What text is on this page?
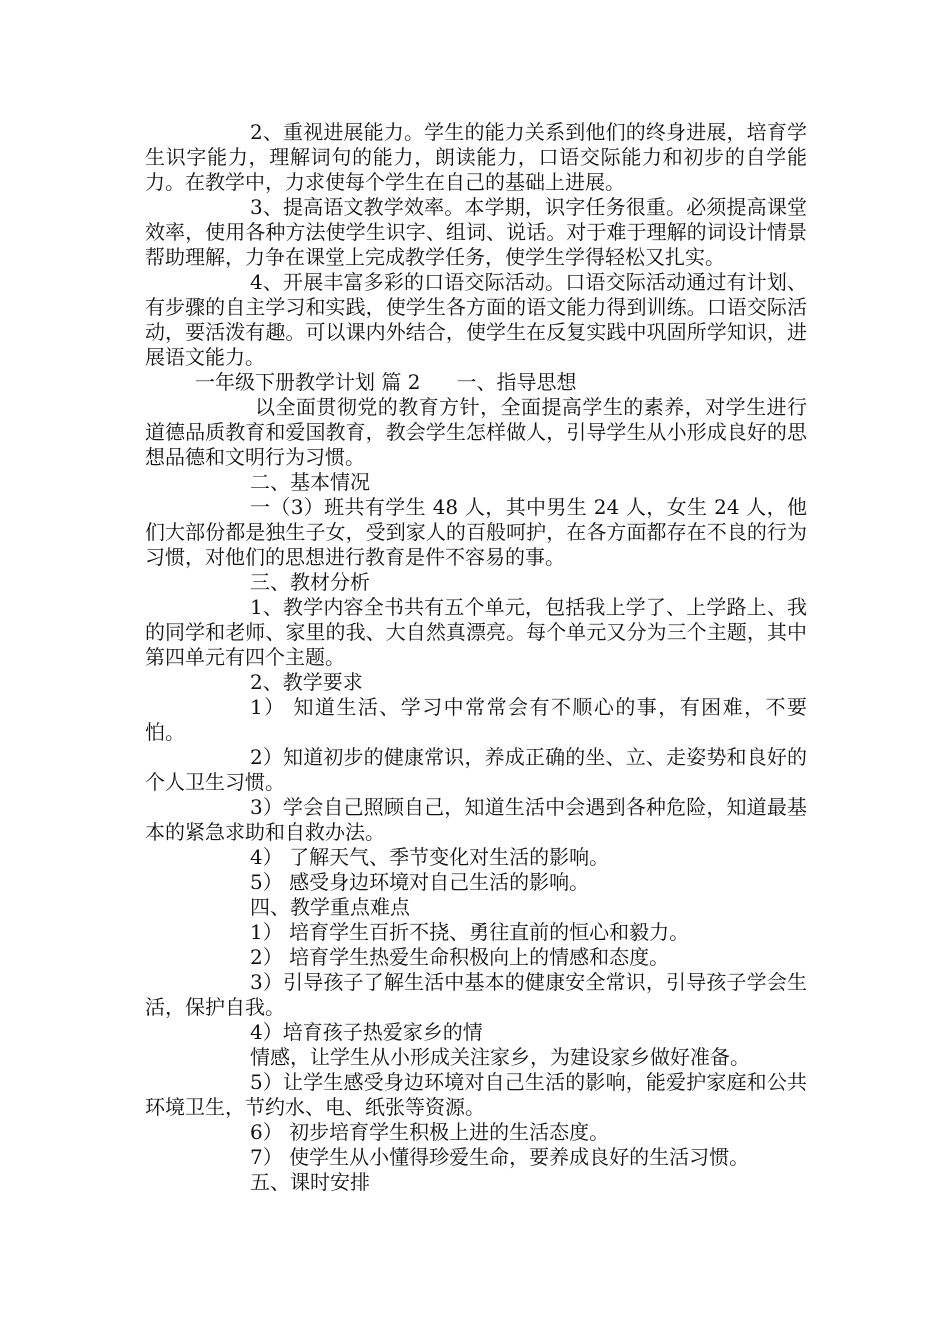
2、重视进展能力。学生的能力关系到他们的终身进展，培育学生识字能力，理解词句的能力，朗读能力，口语交际能力和初步的自学能力。在教学中，力求使每个学生在自己的基础上进展。

3、提高语文教学效率。本学期，识字任务很重。必须提高课堂效率，使用各种方法使学生识字、组词、说话。对于难于理解的词设计情景帮助理解，力争在课堂上完成教学任务，使学生学得轻松又扎实。

4、开展丰富多彩的口语交际活动。口语交际活动通过有计划、有步骤的自主学习和实践，使学生各方面的语文能力得到训练。口语交际活动，要活泼有趣。可以课内外结合，使学生在反复实践中巩固所学知识，进展语文能力。

一年级下册教学计划 篇 2 一、指导思想

以全面贯彻党的教育方针，全面提高学生的素养，对学生进行道德品质教育和爱国教育，教会学生怎样做人，引导学生从小形成良好的思想品德和文明行为习惯。

二、基本情况

一（3）班共有学生 48 人，其中男生 24 人，女生 24 人，他们大部份都是独生子女，受到家人的百般呵护，在各方面都存在不良的行为习惯，对他们的思想进行教育是件不容易的事。

三、教材分析

1、教学内容全书共有五个单元，包括我上学了、上学路上、我的同学和老师、家里的我、大自然真漂亮。每个单元又分为三个主题，其中第四单元有四个主题。

2、教学要求

1） 知道生活、学习中常常会有不顺心的事，有困难，不要怕。

2）知道初步的健康常识，养成正确的坐、立、走姿势和良好的个人卫生习惯。

3）学会自己照顾自己，知道生活中会遇到各种危险，知道最基本的紧急求助和自救办法。

4） 了解天气、季节变化对生活的影响。

5） 感受身边环境对自己生活的影响。

四、教学重点难点

1） 培育学生百折不挠、勇往直前的恒心和毅力。

2） 培育学生热爱生命积极向上的情感和态度。

3）引导孩子了解生活中基本的健康安全常识，引导孩子学会生活，保护自我。

4）培育孩子热爱家乡的情

情感，让学生从小形成关注家乡，为建设家乡做好准备。

5）让学生感受身边环境对自己生活的影响，能爱护家庭和公共环境卫生，节约水、电、纸张等资源。

6） 初步培育学生积极上进的生活态度。

7） 使学生从小懂得珍爱生命，要养成良好的生活习惯。

五、课时安排
